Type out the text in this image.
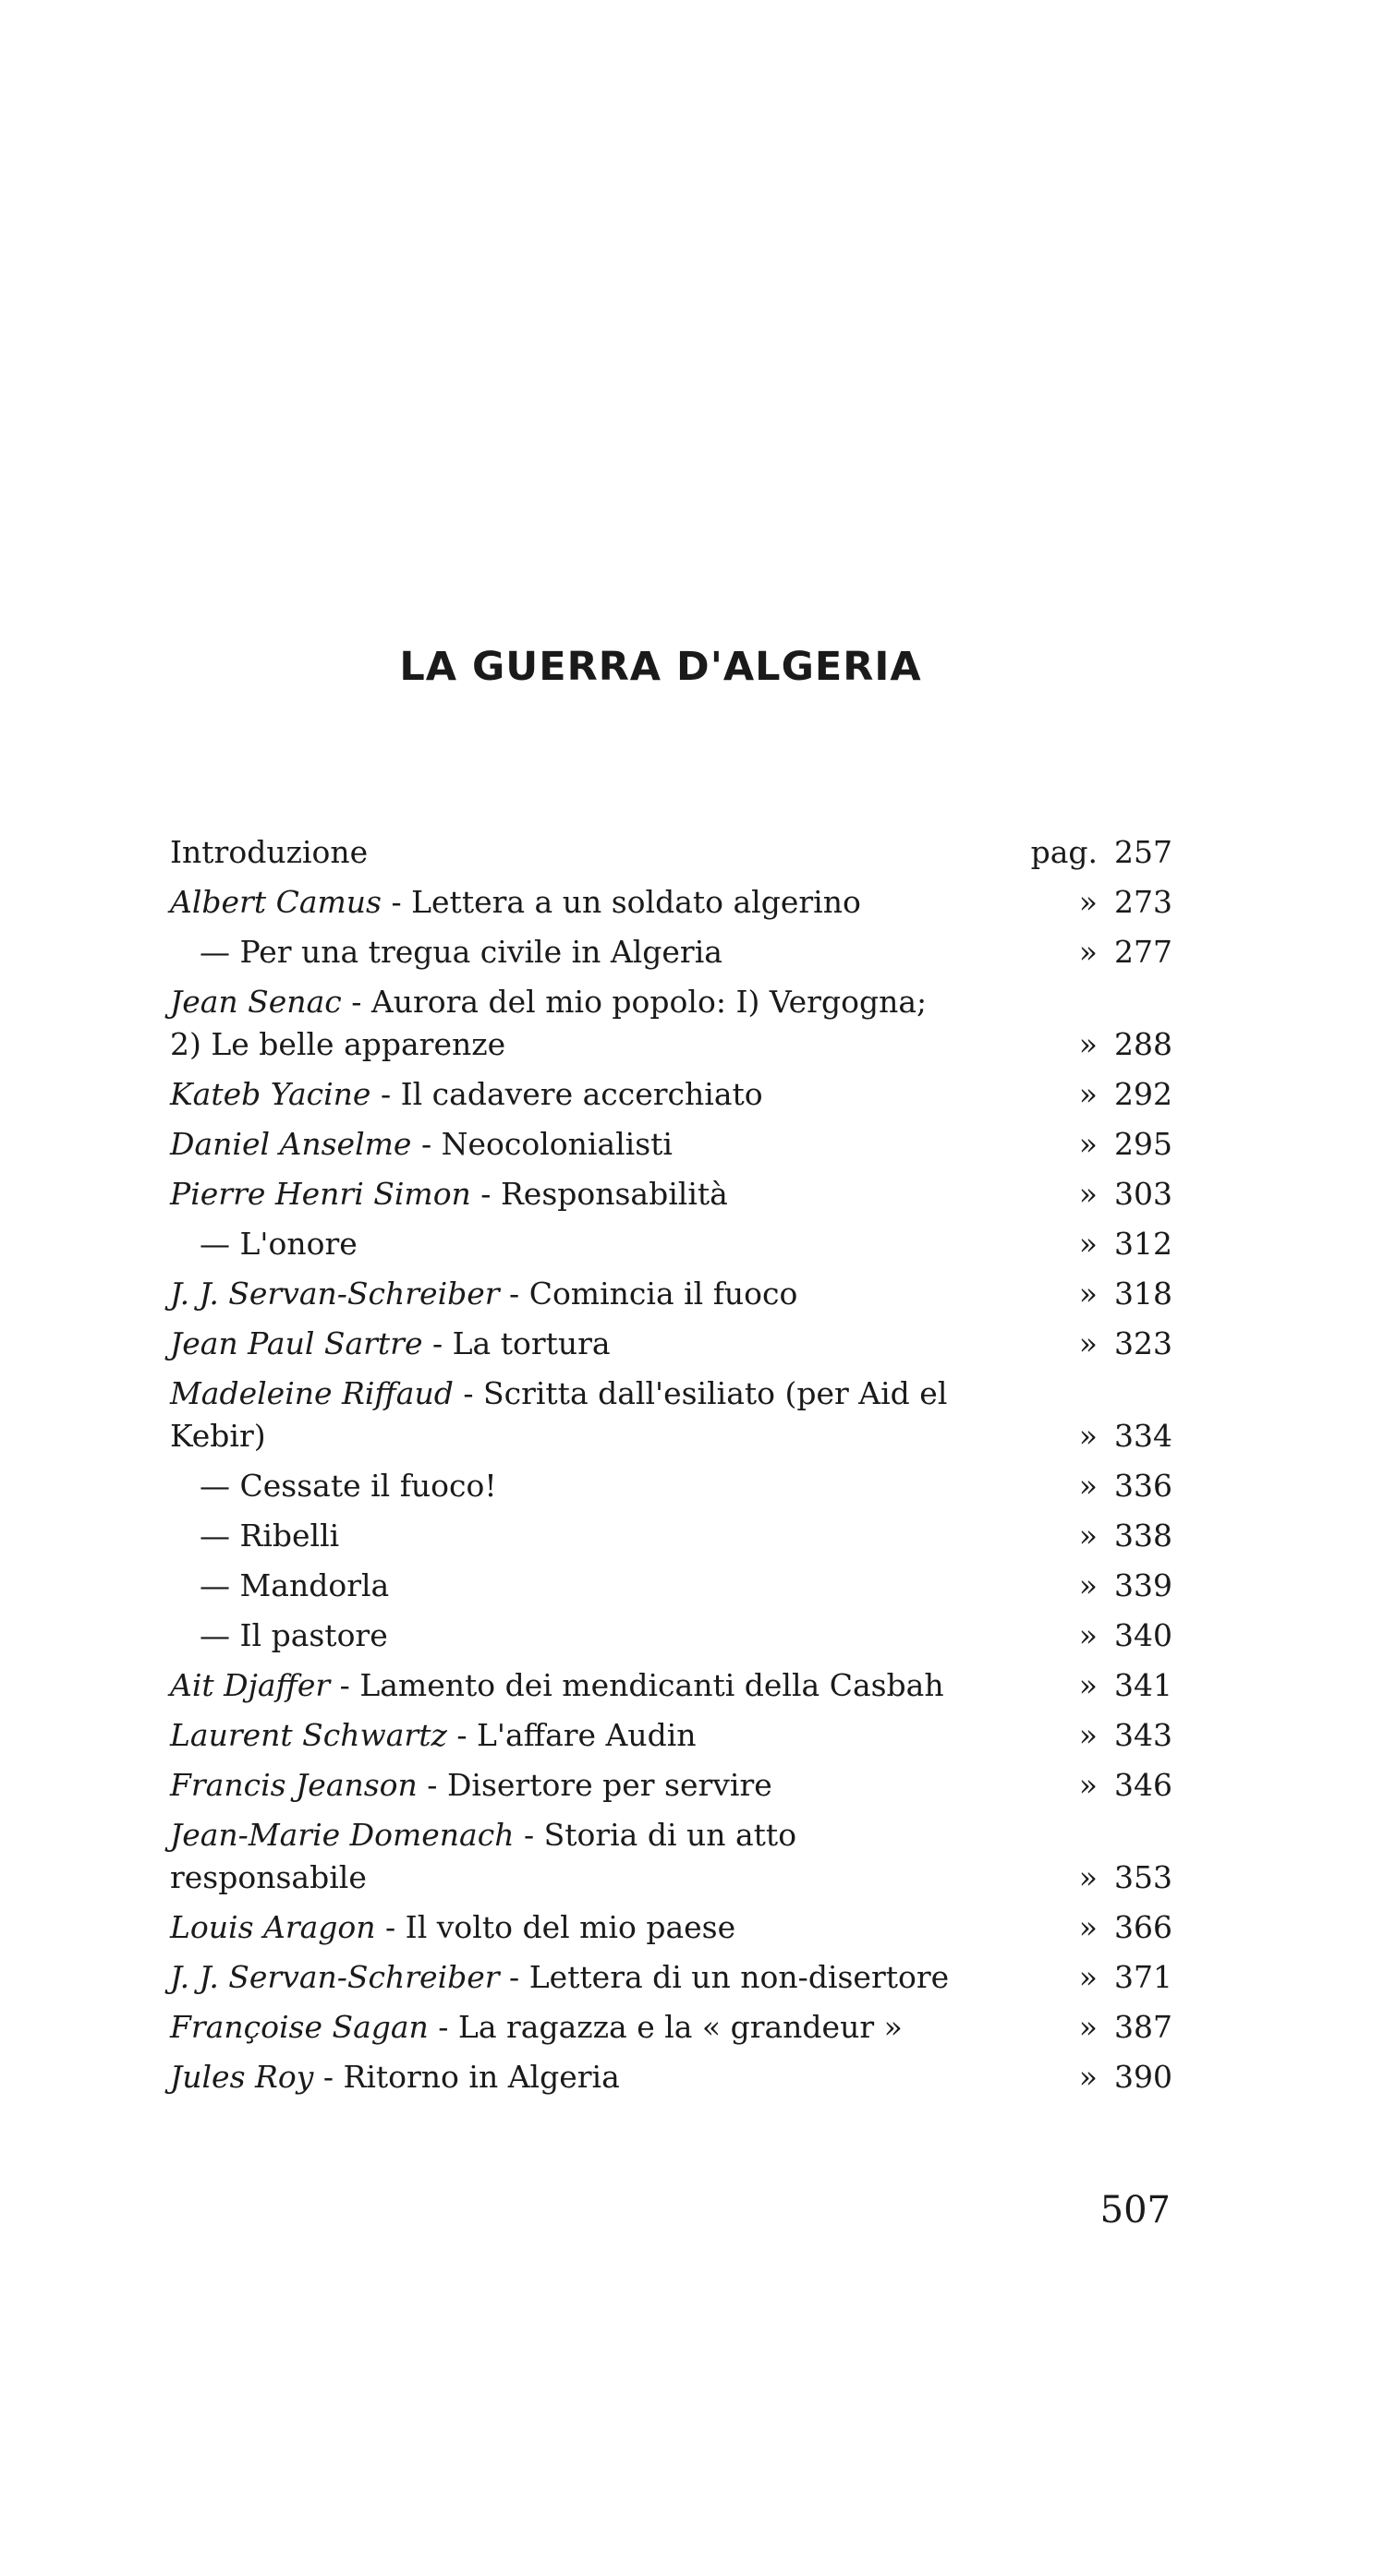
LA GUERRA D'ALGERIA
Introduzione	pag. 257
Albert Camus - Lettera a un soldato algerino	» 273
— Per una tregua civile in Algeria	» 277
Jean Senac - Aurora del mio popolo: I) Vergogna; 2) Le belle apparenze	» 288
Kateb Yacine - Il cadavere accerchiato	» 292
Daniel Anselme - Neocolonialisti	» 295
Pierre Henri Simon - Responsabilità	» 303
— L'onore	» 312
J. J. Servan-Schreiber - Comincia il fuoco	» 318
Jean Paul Sartre - La tortura	» 323
Madeleine Riffaud - Scritta dall'esiliato (per Aid el Kebir)	» 334
— Cessate il fuoco!	» 336
— Ribelli	» 338
— Mandorla	» 339
— Il pastore	» 340
Ait Djaffer - Lamento dei mendicanti della Casbah	» 341
Laurent Schwartz - L'affare Audin	» 343
Francis Jeanson - Disertore per servire	» 346
Jean-Marie Domenach - Storia di un atto responsabile	» 353
Louis Aragon - Il volto del mio paese	» 366
J. J. Servan-Schreiber - Lettera di un non-disertore	» 371
Françoise Sagan - La ragazza e la « grandeur »	» 387
Jules Roy - Ritorno in Algeria	» 390
507
